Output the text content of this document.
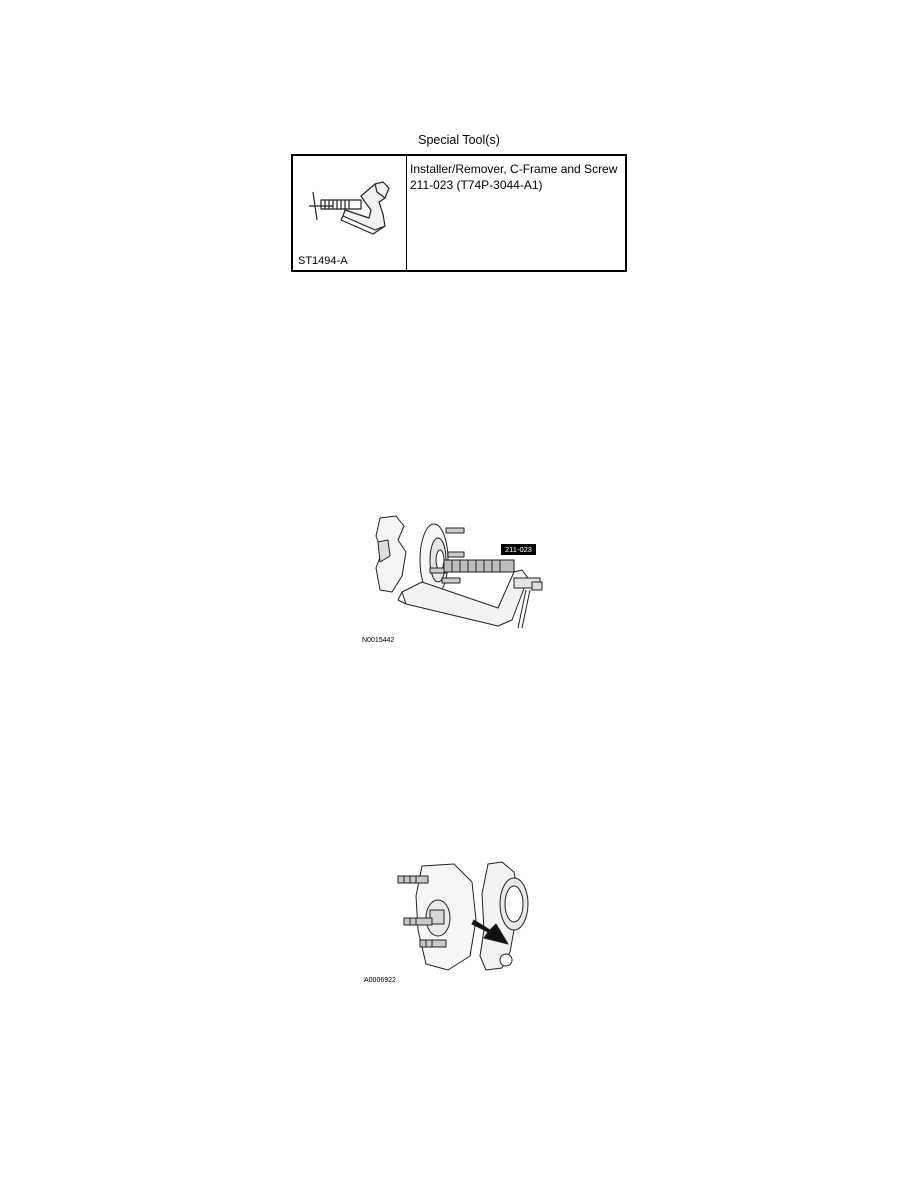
Special Tool(s)
ST1494-A
Installer/Remover, C-Frame and Screw
211-023 (T74P-3044-A1)
211-023
N0015442
A0006922
